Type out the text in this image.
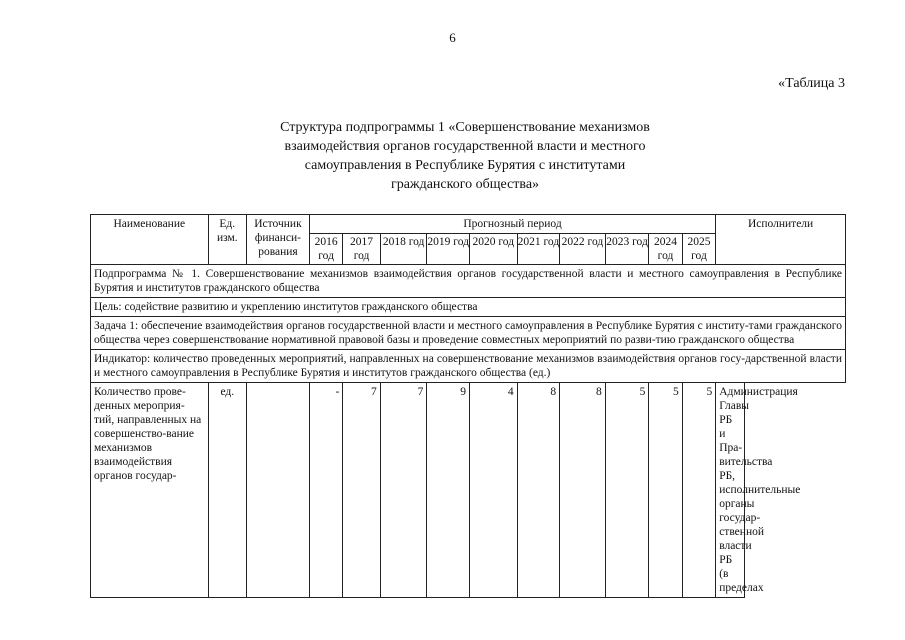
6
«Таблица 3
Структура подпрограммы 1 «Совершенствование механизмов
взаимодействия органов государственной власти и местного
самоуправления в Республике Бурятия с институтами
гражданского общества»
Наименование	Ед. изм.	Источник финанси-рования	Прогнозный период										Исполнители
			2016 год	2017 год	2018 год	2019 год	2020 год	2021 год	2022 год	2023 год	2024 год	2025 год	
Подпрограмма № 1. Совершенствование механизмов взаимодействия органов государственной власти и местного самоуправления в Республике Бурятия и институтов гражданского общества													
Цель: содействие развитию и укреплению институтов гражданского общества													
Задача 1: обеспечение взаимодействия органов государственной власти и местного самоуправления в Республике Бурятия с институ-тами гражданского общества через совершенствование нормативной правовой базы и проведение совместных мероприятий по разви-тию гражданского общества													
Индикатор: количество проведенных мероприятий, направленных на совершенствование механизмов взаимодействия органов госу-дарственной власти и местного самоуправления в Республике Бурятия и институтов гражданского общества (ед.)													
Количество прове-денных мероприя-тий, направленных на совершенство-вание механизмов взаимодействия органов государ-	ед.		-	7	7	9	4	8	8	5	5	5	Администрация Главы РБ и Пра-вительства РБ, исполнительные органы государ-ственной власти РБ (в пределах
